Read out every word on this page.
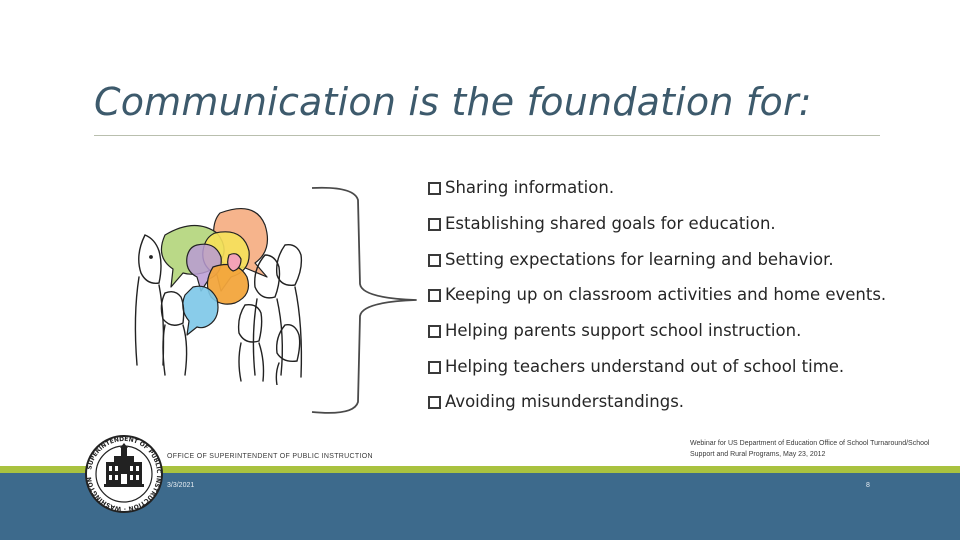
Communication is the foundation for:
Sharing information.
Establishing shared goals for education.
Setting expectations for learning and behavior.
Keeping up on classroom activities and home events.
Helping parents support school instruction.
Helping teachers understand out of school time.
Avoiding misunderstandings.
SUPERINTENDENT OF PUBLIC INSTRUCTION · WASHINGTON
OFFICE OF SUPERINTENDENT OF PUBLIC INSTRUCTION
3/3/2021
Webinar for US Department of Education Office of School Turnaround/School Support and Rural Programs, May 23, 2012
8
